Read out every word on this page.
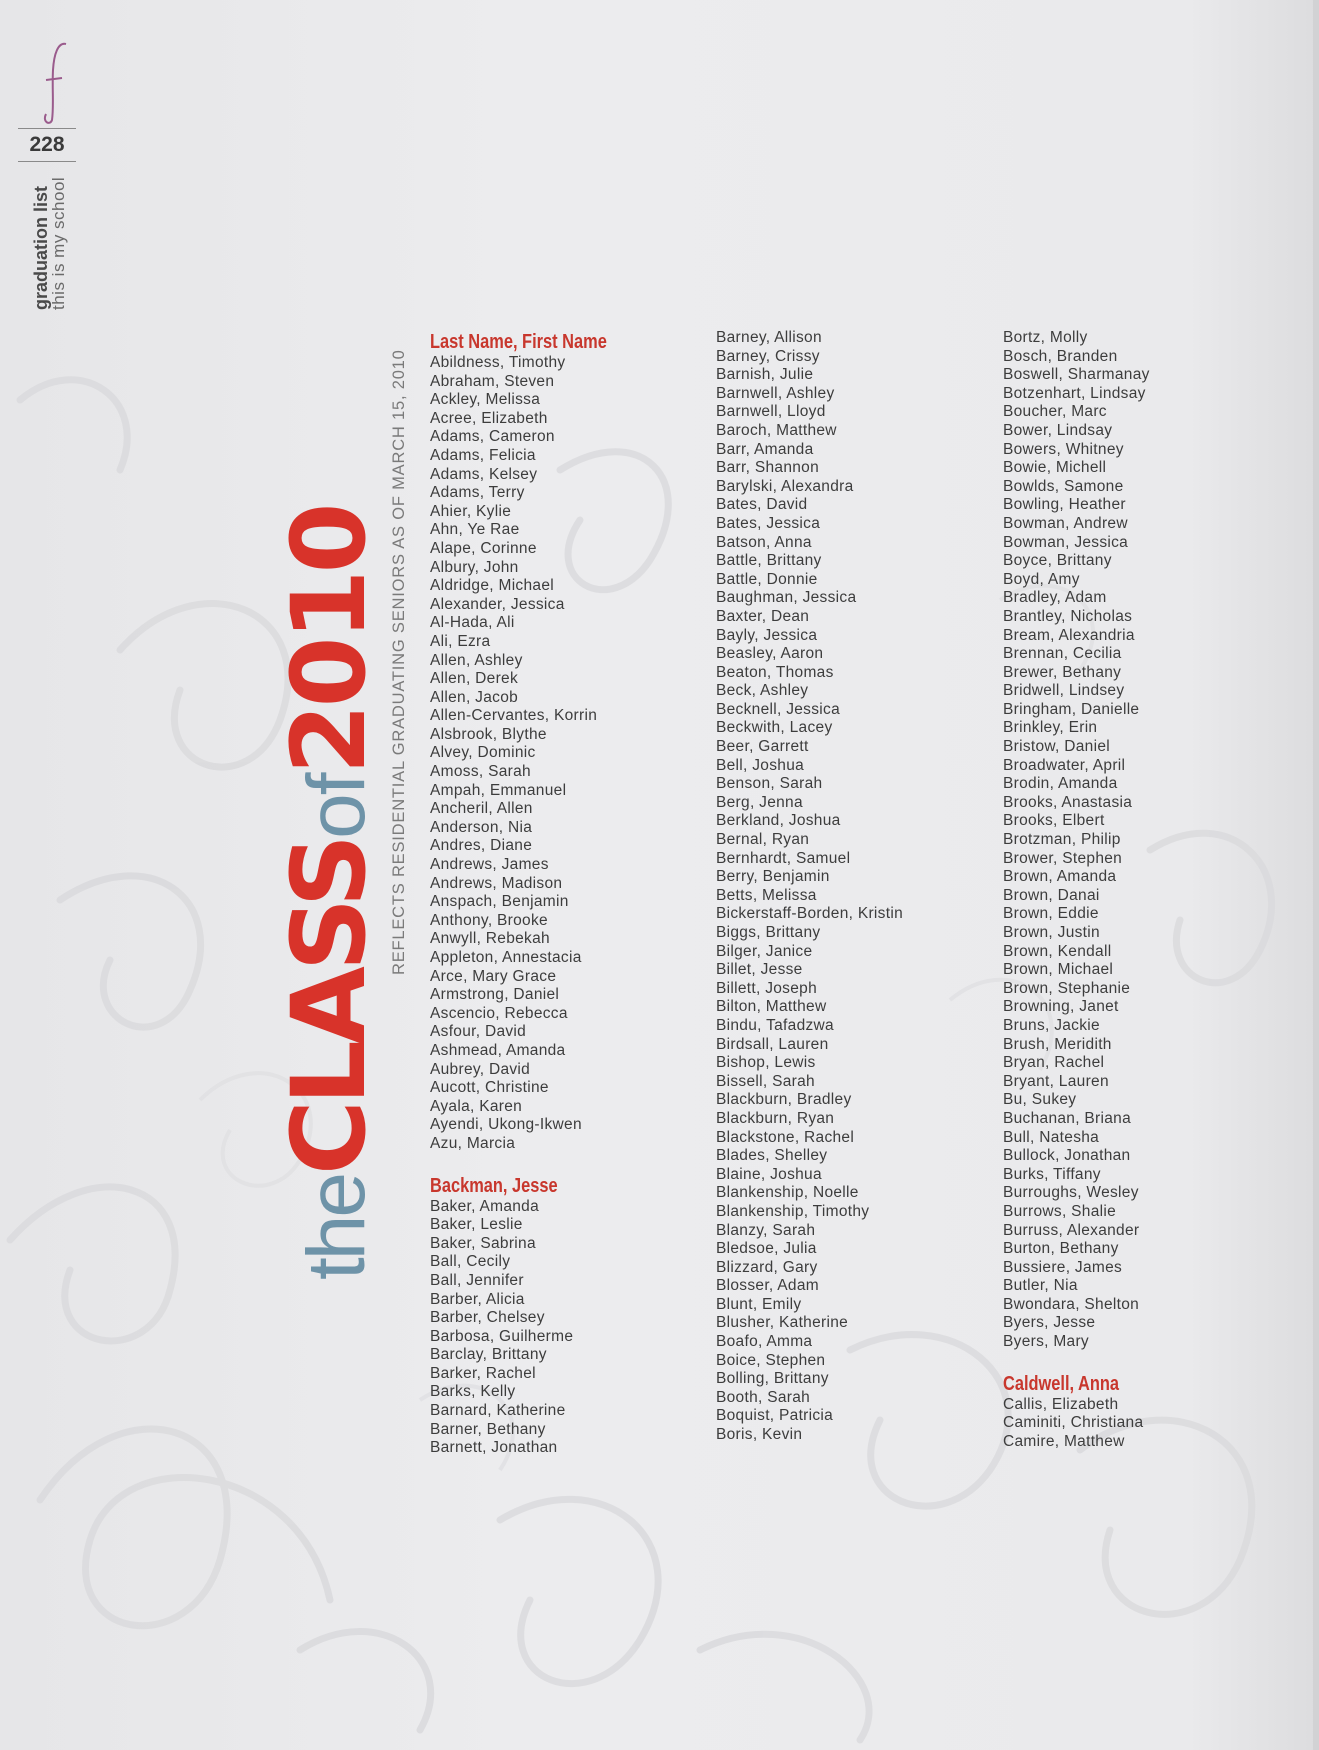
228
graduation list
this is my school
theCLASSof2010 REFLECTS RESIDENTIAL GRADUATING SENIORS AS OF MARCH 15, 2010
Last Name, First Name
Abildness, Timothy
Abraham, Steven
Ackley, Melissa
Acree, Elizabeth
Adams, Cameron
Adams, Felicia
Adams, Kelsey
Adams, Terry
Ahier, Kylie
Ahn, Ye Rae
Alape, Corinne
Albury, John
Aldridge, Michael
Alexander, Jessica
Al-Hada, Ali
Ali, Ezra
Allen, Ashley
Allen, Derek
Allen, Jacob
Allen-Cervantes, Korrin
Alsbrook, Blythe
Alvey, Dominic
Amoss, Sarah
Ampah, Emmanuel
Ancheril, Allen
Anderson, Nia
Andres, Diane
Andrews, James
Andrews, Madison
Anspach, Benjamin
Anthony, Brooke
Anwyll, Rebekah
Appleton, Annestacia
Arce, Mary Grace
Armstrong, Daniel
Ascencio, Rebecca
Asfour, David
Ashmead, Amanda
Aubrey, David
Aucott, Christine
Ayala, Karen
Ayendi, Ukong-Ikwen
Azu, Marcia
Backman, Jesse
Baker, Amanda
Baker, Leslie
Baker, Sabrina
Ball, Cecily
Ball, Jennifer
Barber, Alicia
Barber, Chelsey
Barbosa, Guilherme
Barclay, Brittany
Barker, Rachel
Barks, Kelly
Barnard, Katherine
Barner, Bethany
Barnett, Jonathan
Barney, Allison
Barney, Crissy
Barnish, Julie
Barnwell, Ashley
Barnwell, Lloyd
Baroch, Matthew
Barr, Amanda
Barr, Shannon
Barylski, Alexandra
Bates, David
Bates, Jessica
Batson, Anna
Battle, Brittany
Battle, Donnie
Baughman, Jessica
Baxter, Dean
Bayly, Jessica
Beasley, Aaron
Beaton, Thomas
Beck, Ashley
Becknell, Jessica
Beckwith, Lacey
Beer, Garrett
Bell, Joshua
Benson, Sarah
Berg, Jenna
Berkland, Joshua
Bernal, Ryan
Bernhardt, Samuel
Berry, Benjamin
Betts, Melissa
Bickerstaff-Borden, Kristin
Biggs, Brittany
Bilger, Janice
Billet, Jesse
Billett, Joseph
Bilton, Matthew
Bindu, Tafadzwa
Birdsall, Lauren
Bishop, Lewis
Bissell, Sarah
Blackburn, Bradley
Blackburn, Ryan
Blackstone, Rachel
Blades, Shelley
Blaine, Joshua
Blankenship, Noelle
Blankenship, Timothy
Blanzy, Sarah
Bledsoe, Julia
Blizzard, Gary
Blosser, Adam
Blunt, Emily
Blusher, Katherine
Boafo, Amma
Boice, Stephen
Bolling, Brittany
Booth, Sarah
Boquist, Patricia
Boris, Kevin
Bortz, Molly
Bosch, Branden
Boswell, Sharmanay
Botzenhart, Lindsay
Boucher, Marc
Bower, Lindsay
Bowers, Whitney
Bowie, Michell
Bowlds, Samone
Bowling, Heather
Bowman, Andrew
Bowman, Jessica
Boyce, Brittany
Boyd, Amy
Bradley, Adam
Brantley, Nicholas
Bream, Alexandria
Brennan, Cecilia
Brewer, Bethany
Bridwell, Lindsey
Bringham, Danielle
Brinkley, Erin
Bristow, Daniel
Broadwater, April
Brodin, Amanda
Brooks, Anastasia
Brooks, Elbert
Brotzman, Philip
Brower, Stephen
Brown, Amanda
Brown, Danai
Brown, Eddie
Brown, Justin
Brown, Kendall
Brown, Michael
Brown, Stephanie
Browning, Janet
Bruns, Jackie
Brush, Meridith
Bryan, Rachel
Bryant, Lauren
Bu, Sukey
Buchanan, Briana
Bull, Natesha
Bullock, Jonathan
Burks, Tiffany
Burroughs, Wesley
Burrows, Shalie
Burruss, Alexander
Burton, Bethany
Bussiere, James
Butler, Nia
Bwondara, Shelton
Byers, Jesse
Byers, Mary
Caldwell, Anna
Callis, Elizabeth
Caminiti, Christiana
Camire, Matthew
